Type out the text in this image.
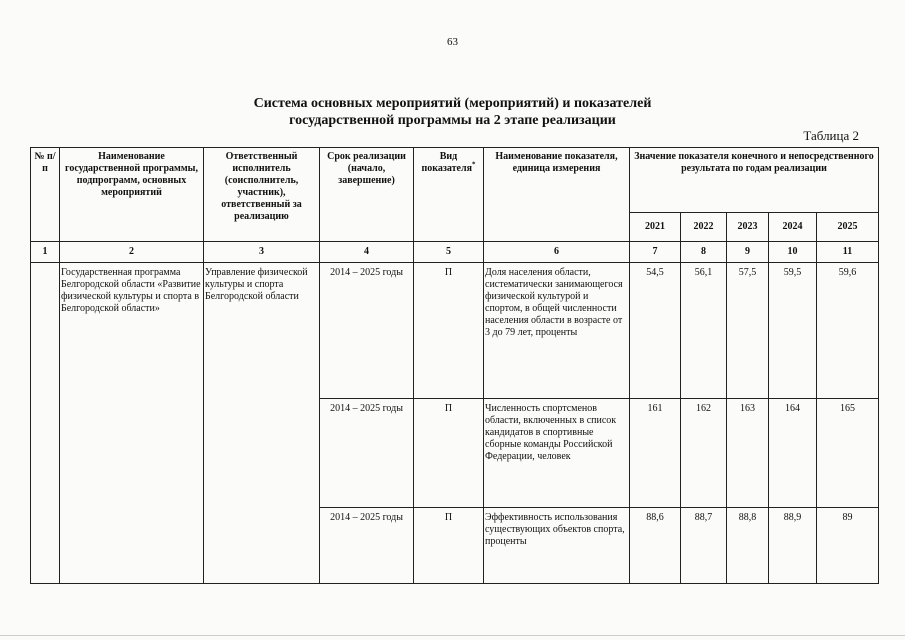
63
Система основных мероприятий (мероприятий) и показателей
государственной программы на 2 этапе реализации
Таблица 2
№ п/п	Наименование государственной программы, подпрограмм, основных мероприятий	Ответственный исполнитель (соисполнитель, участник), ответственный за реализацию	Срок реализации (начало, завершение)	Вид показателя*	Наименование показателя, единица измерения	Значение показателя конечного и непосредственного результата по годам реализации				
						2021	2022	2023	2024	2025
1	2	3	4	5	6	7	8	9	10	11
	Государственная программа Белгородской области «Развитие физической культуры и спорта в Белгородской области»	Управление физической культуры и спорта Белгородской области	2014 – 2025 годы	П	Доля населения области, систематически занимающегося физической культурой и спортом, в общей численности населения области в возрасте от 3 до 79 лет, проценты	54,5	56,1	57,5	59,5	59,6
			2014 – 2025 годы	П	Численность спортсменов области, включенных в список кандидатов в спортивные сборные команды Российской Федерации, человек	161	162	163	164	165
			2014 – 2025 годы	П	Эффективность использования существующих объектов спорта, проценты	88,6	88,7	88,8	88,9	89
